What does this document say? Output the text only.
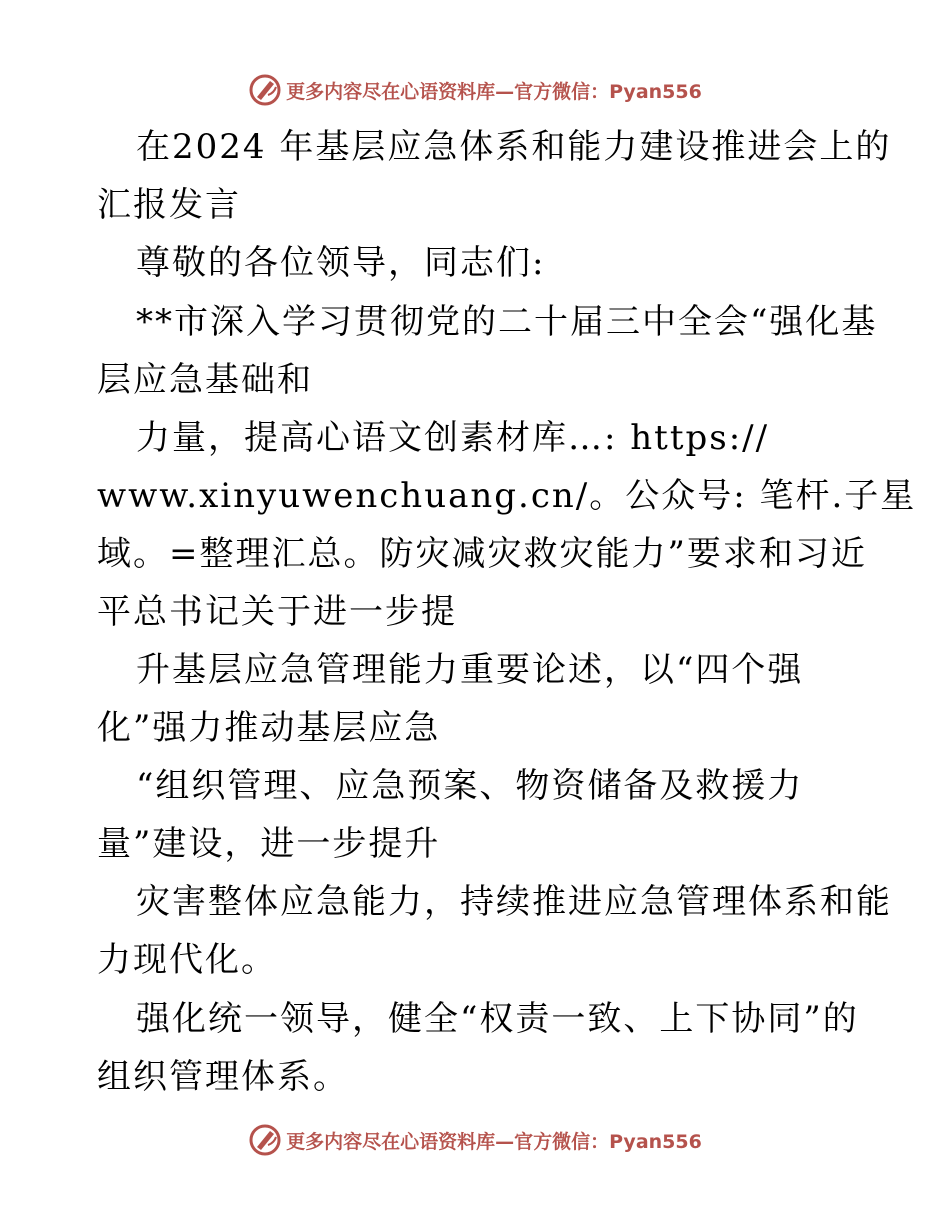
更多内容尽在心语资料库—官方微信：Pyan556
在2024 年基层应急体系和能力建设推进会上的
汇报发言
尊敬的各位领导，同志们:
**市深入学习贯彻党的二十届三中全会“强化基
层应急基础和
力量，提高心语文创素材库…: https://
www.xinyuwenchuang.cn/。公众号: 笔杆.子星
域。=整理汇总。防灾减灾救灾能力”要求和习近
平总书记关于进一步提
升基层应急管理能力重要论述，以“四个强
化”强力推动基层应急
“组织管理、应急预案、物资储备及救援力
量”建设，进一步提升
灾害整体应急能力，持续推进应急管理体系和能
力现代化。
强化统一领导，健全“权责一致、上下协同”的
组织管理体系。
更多内容尽在心语资料库—官方微信：Pyan556
